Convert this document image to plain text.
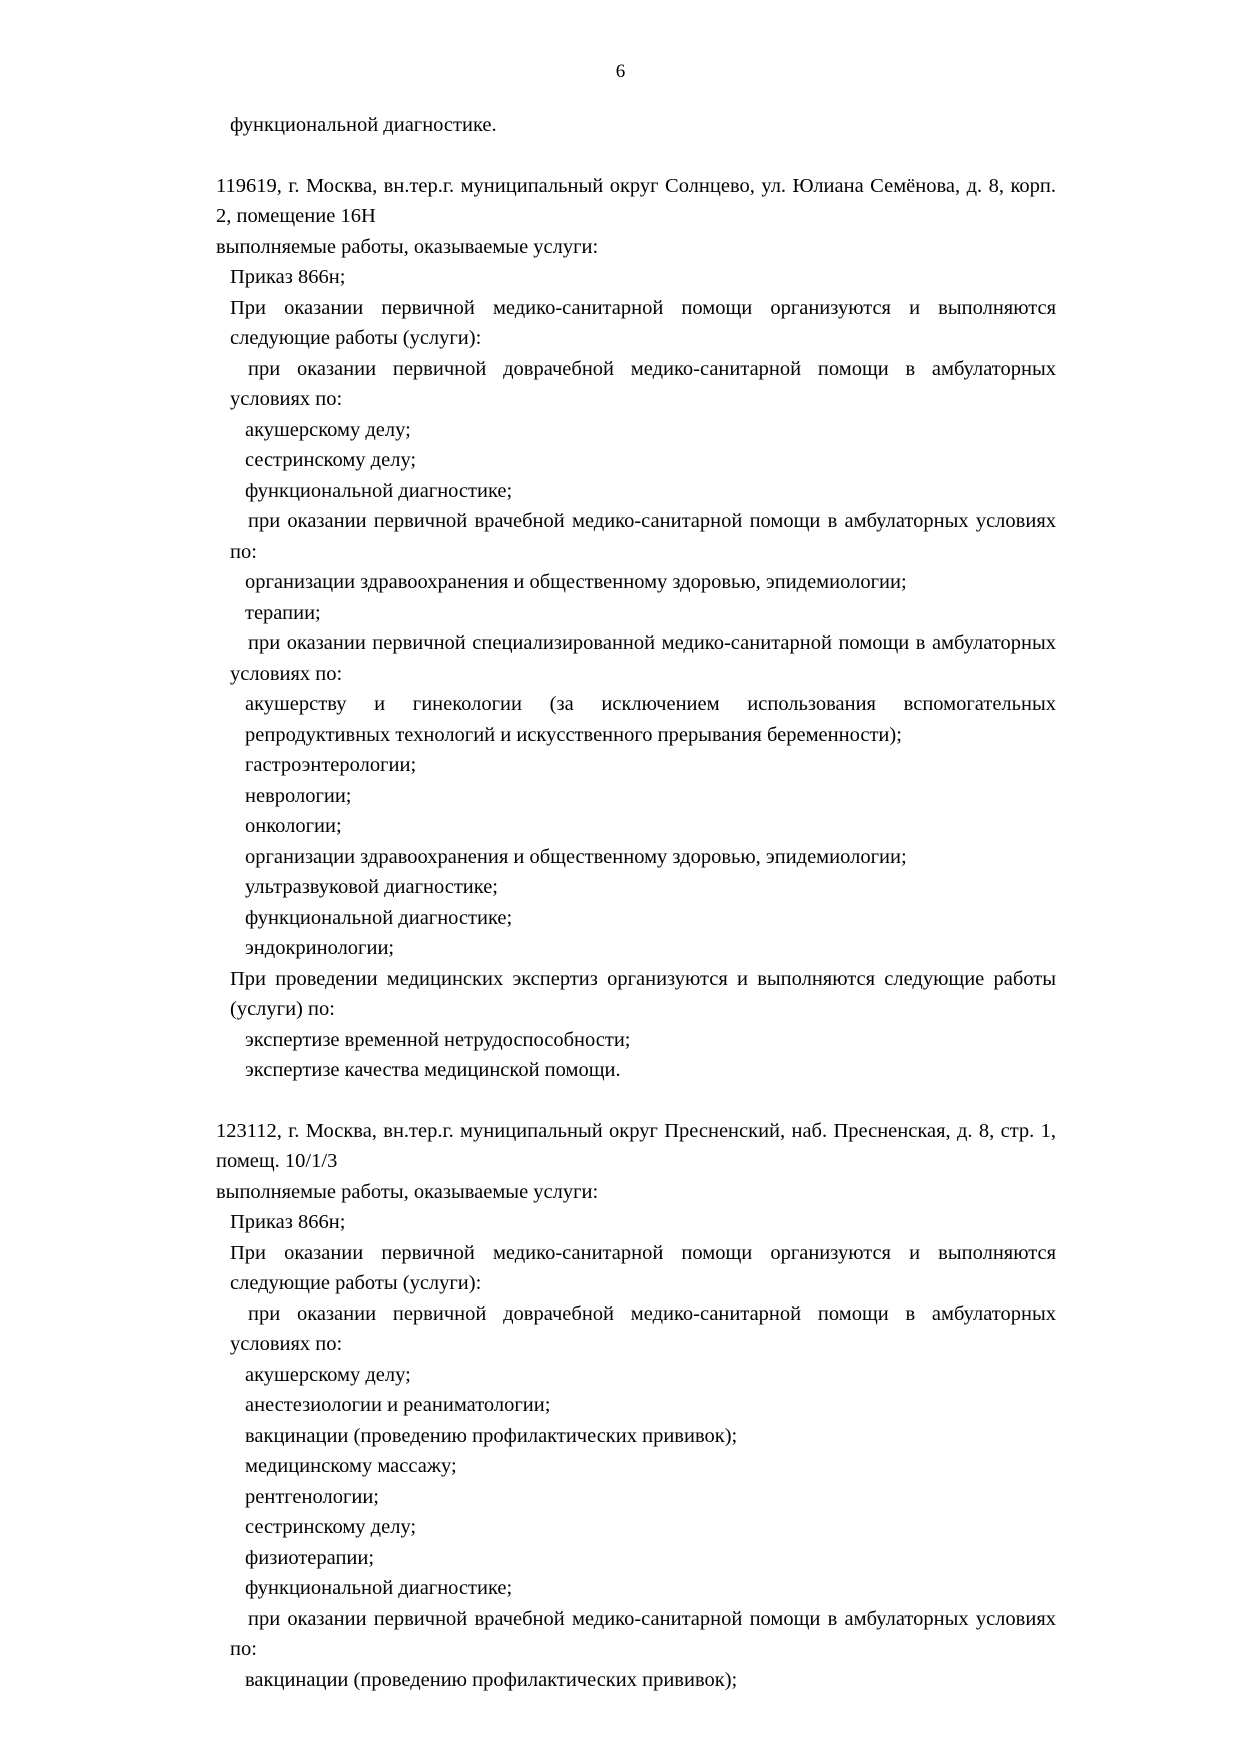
6

функциональной диагностике.

119619, г. Москва, вн.тер.г. муниципальный округ Солнцево, ул. Юлиана Семёнова, д. 8, корп. 2, помещение 16Н

выполняемые работы, оказываемые услуги:

Приказ 866н;

При оказании первичной медико-санитарной помощи организуются и выполняются следующие работы (услуги):

при оказании первичной доврачебной медико-санитарной помощи в амбулаторных условиях по:

акушерскому делу;

сестринскому делу;

функциональной диагностике;

при оказании первичной врачебной медико-санитарной помощи в амбулаторных условиях по:

организации здравоохранения и общественному здоровью, эпидемиологии;

терапии;

при оказании первичной специализированной медико-санитарной помощи в амбулаторных условиях по:

акушерству и гинекологии (за исключением использования вспомогательных репродуктивных технологий и искусственного прерывания беременности);

гастроэнтерологии;

неврологии;

онкологии;

организации здравоохранения и общественному здоровью, эпидемиологии;

ультразвуковой диагностике;

функциональной диагностике;

эндокринологии;

При проведении медицинских экспертиз организуются и выполняются следующие работы (услуги) по:

экспертизе временной нетрудоспособности;

экспертизе качества медицинской помощи.

123112, г. Москва, вн.тер.г. муниципальный округ Пресненский, наб. Пресненская, д. 8, стр. 1, помещ. 10/1/3

выполняемые работы, оказываемые услуги:

Приказ 866н;

При оказании первичной медико-санитарной помощи организуются и выполняются следующие работы (услуги):

при оказании первичной доврачебной медико-санитарной помощи в амбулаторных условиях по:

акушерскому делу;

анестезиологии и реаниматологии;

вакцинации (проведению профилактических прививок);

медицинскому массажу;

рентгенологии;

сестринскому делу;

физиотерапии;

функциональной диагностике;

при оказании первичной врачебной медико-санитарной помощи в амбулаторных условиях по:

вакцинации (проведению профилактических прививок);
